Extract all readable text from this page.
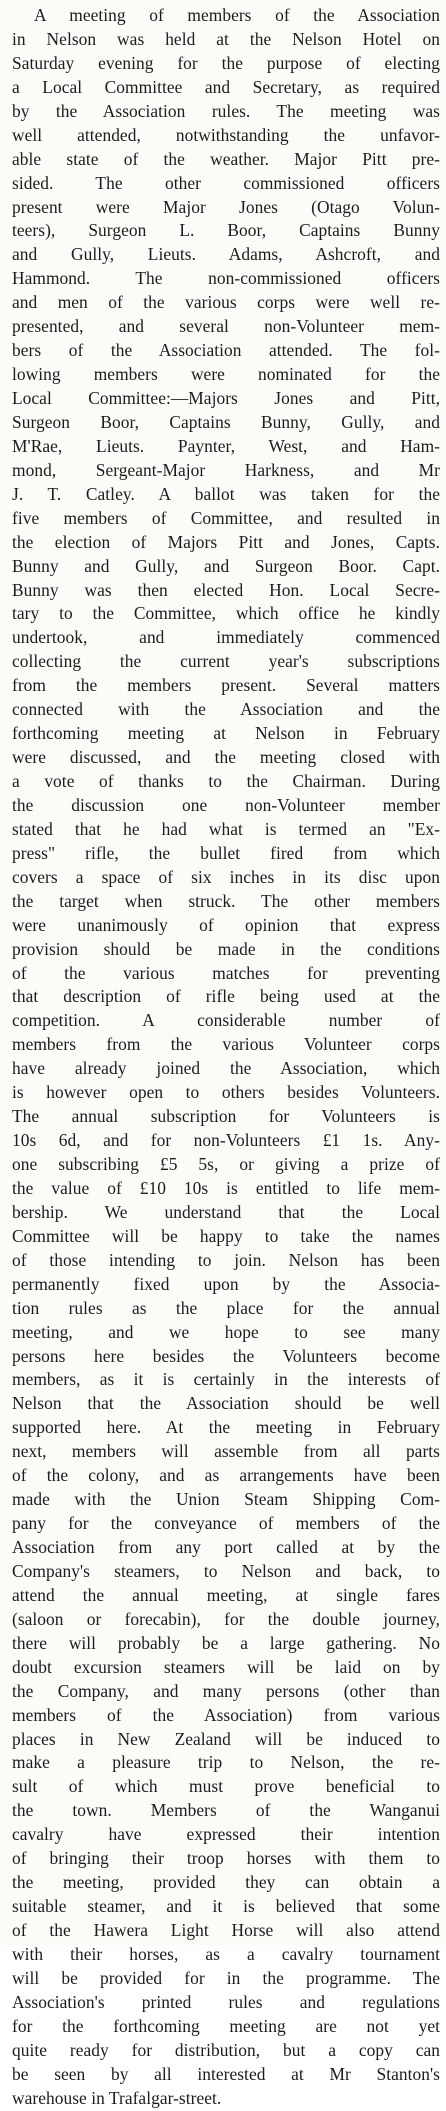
A meeting of members of the Association
in Nelson was held at the Nelson Hotel on
Saturday evening for the purpose of electing
a Local Committee and Secretary, as required
by the Association rules. The meeting was
well attended, notwithstanding the unfavor-
able state of the weather. Major Pitt pre-
sided. The other commissioned officers
present were Major Jones (Otago Volun-
teers), Surgeon L. Boor, Captains Bunny
and Gully, Lieuts. Adams, Ashcroft, and
Hammond. The non-commissioned officers
and men of the various corps were well re-
presented, and several non-Volunteer mem-
bers of the Association attended. The fol-
lowing members were nominated for the
Local Committee:—Majors Jones and Pitt,
Surgeon Boor, Captains Bunny, Gully, and
M'Rae, Lieuts. Paynter, West, and Ham-
mond, Sergeant-Major Harkness, and Mr
J. T. Catley. A ballot was taken for the
five members of Committee, and resulted in
the election of Majors Pitt and Jones, Capts.
Bunny and Gully, and Surgeon Boor. Capt.
Bunny was then elected Hon. Local Secre-
tary to the Committee, which office he kindly
undertook, and immediately commenced
collecting the current year's subscriptions
from the members present. Several matters
connected with the Association and the
forthcoming meeting at Nelson in February
were discussed, and the meeting closed with
a vote of thanks to the Chairman. During
the discussion one non-Volunteer member
stated that he had what is termed an "Ex-
press" rifle, the bullet fired from which
covers a space of six inches in its disc upon
the target when struck. The other members
were unanimously of opinion that express
provision should be made in the conditions
of the various matches for preventing
that description of rifle being used at the
competition. A considerable number of
members from the various Volunteer corps
have already joined the Association, which
is however open to others besides Volunteers.
The annual subscription for Volunteers is
10s 6d, and for non-Volunteers £1 1s. Any-
one subscribing £5 5s, or giving a prize of
the value of £10 10s is entitled to life mem-
bership. We understand that the Local
Committee will be happy to take the names
of those intending to join. Nelson has been
permanently fixed upon by the Associa-
tion rules as the place for the annual
meeting, and we hope to see many
persons here besides the Volunteers become
members, as it is certainly in the interests of
Nelson that the Association should be well
supported here. At the meeting in February
next, members will assemble from all parts
of the colony, and as arrangements have been
made with the Union Steam Shipping Com-
pany for the conveyance of members of the
Association from any port called at by the
Company's steamers, to Nelson and back, to
attend the annual meeting, at single fares
(saloon or forecabin), for the double journey,
there will probably be a large gathering. No
doubt excursion steamers will be laid on by
the Company, and many persons (other than
members of the Association) from various
places in New Zealand will be induced to
make a pleasure trip to Nelson, the re-
sult of which must prove beneficial to
the town. Members of the Wanganui
cavalry have expressed their intention
of bringing their troop horses with them to
the meeting, provided they can obtain a
suitable steamer, and it is believed that some
of the Hawera Light Horse will also attend
with their horses, as a cavalry tournament
will be provided for in the programme. The
Association's printed rules and regulations
for the forthcoming meeting are not yet
quite ready for distribution, but a copy can
be seen by all interested at Mr Stanton's
warehouse in Trafalgar-street.
